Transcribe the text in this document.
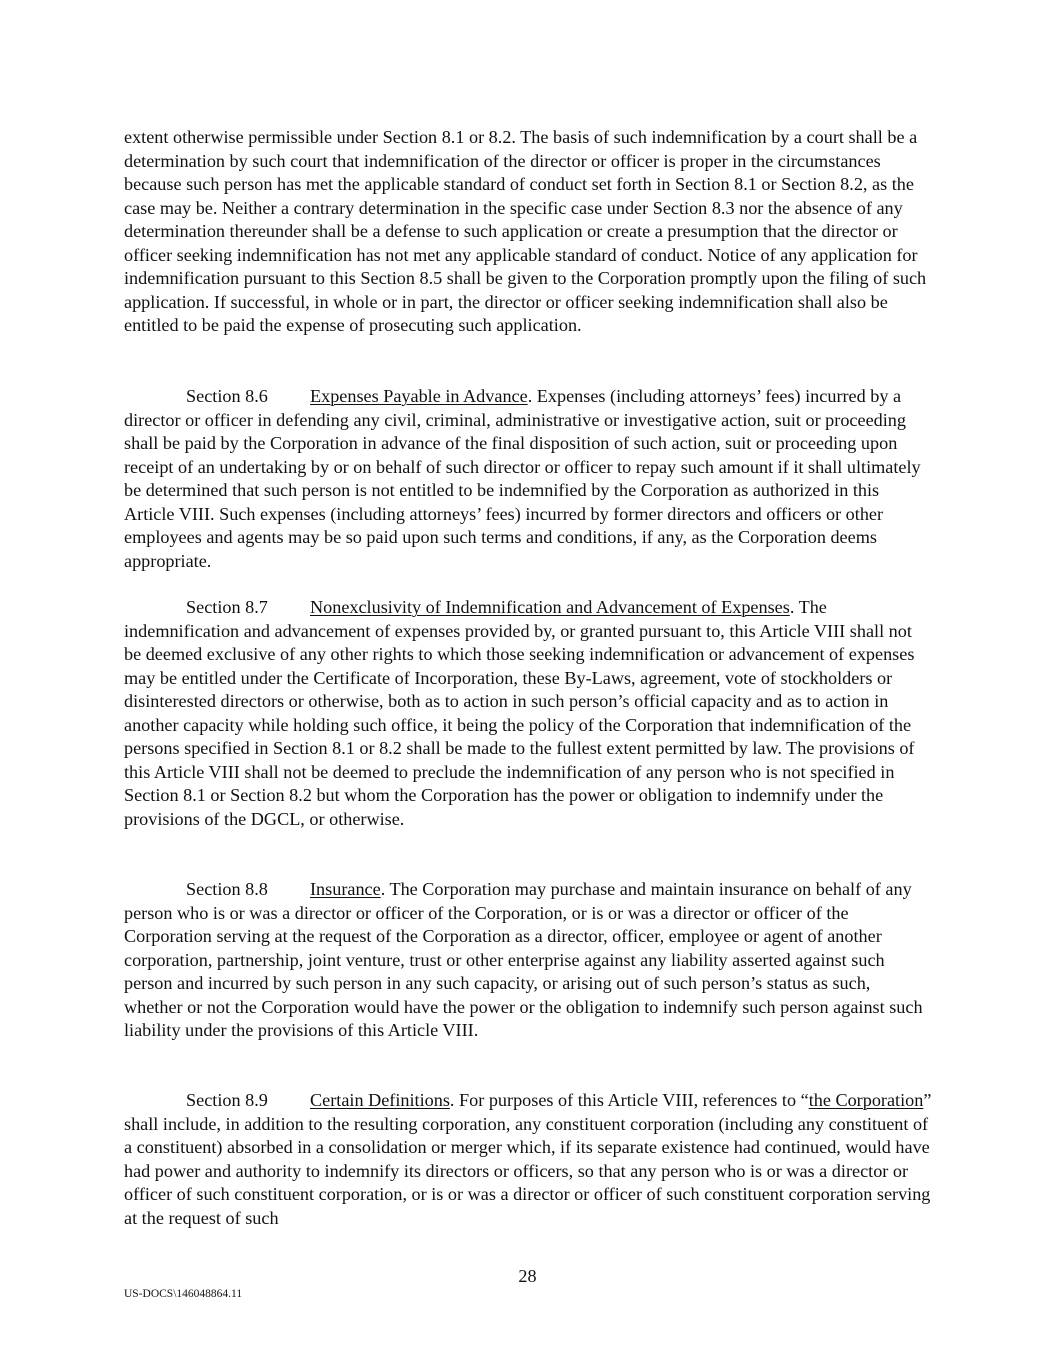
extent otherwise permissible under Section 8.1 or 8.2. The basis of such indemnification by a court shall be a determination by such court that indemnification of the director or officer is proper in the circumstances because such person has met the applicable standard of conduct set forth in Section 8.1 or Section 8.2, as the case may be. Neither a contrary determination in the specific case under Section 8.3 nor the absence of any determination thereunder shall be a defense to such application or create a presumption that the director or officer seeking indemnification has not met any applicable standard of conduct. Notice of any application for indemnification pursuant to this Section 8.5 shall be given to the Corporation promptly upon the filing of such application. If successful, in whole or in part, the director or officer seeking indemnification shall also be entitled to be paid the expense of prosecuting such application.

Section 8.6 Expenses Payable in Advance. Expenses (including attorneys’ fees) incurred by a director or officer in defending any civil, criminal, administrative or investigative action, suit or proceeding shall be paid by the Corporation in advance of the final disposition of such action, suit or proceeding upon receipt of an undertaking by or on behalf of such director or officer to repay such amount if it shall ultimately be determined that such person is not entitled to be indemnified by the Corporation as authorized in this Article VIII. Such expenses (including attorneys’ fees) incurred by former directors and officers or other employees and agents may be so paid upon such terms and conditions, if any, as the Corporation deems appropriate.

Section 8.7 Nonexclusivity of Indemnification and Advancement of Expenses. The indemnification and advancement of expenses provided by, or granted pursuant to, this Article VIII shall not be deemed exclusive of any other rights to which those seeking indemnification or advancement of expenses may be entitled under the Certificate of Incorporation, these By-Laws, agreement, vote of stockholders or disinterested directors or otherwise, both as to action in such person’s official capacity and as to action in another capacity while holding such office, it being the policy of the Corporation that indemnification of the persons specified in Section 8.1 or 8.2 shall be made to the fullest extent permitted by law. The provisions of this Article VIII shall not be deemed to preclude the indemnification of any person who is not specified in Section 8.1 or Section 8.2 but whom the Corporation has the power or obligation to indemnify under the provisions of the DGCL, or otherwise.

Section 8.8 Insurance. The Corporation may purchase and maintain insurance on behalf of any person who is or was a director or officer of the Corporation, or is or was a director or officer of the Corporation serving at the request of the Corporation as a director, officer, employee or agent of another corporation, partnership, joint venture, trust or other enterprise against any liability asserted against such person and incurred by such person in any such capacity, or arising out of such person’s status as such, whether or not the Corporation would have the power or the obligation to indemnify such person against such liability under the provisions of this Article VIII.

Section 8.9 Certain Definitions. For purposes of this Article VIII, references to “the Corporation” shall include, in addition to the resulting corporation, any constituent corporation (including any constituent of a constituent) absorbed in a consolidation or merger which, if its separate existence had continued, would have had power and authority to indemnify its directors or officers, so that any person who is or was a director or officer of such constituent corporation, or is or was a director or officer of such constituent corporation serving at the request of such

28
US-DOCS\146048864.11
